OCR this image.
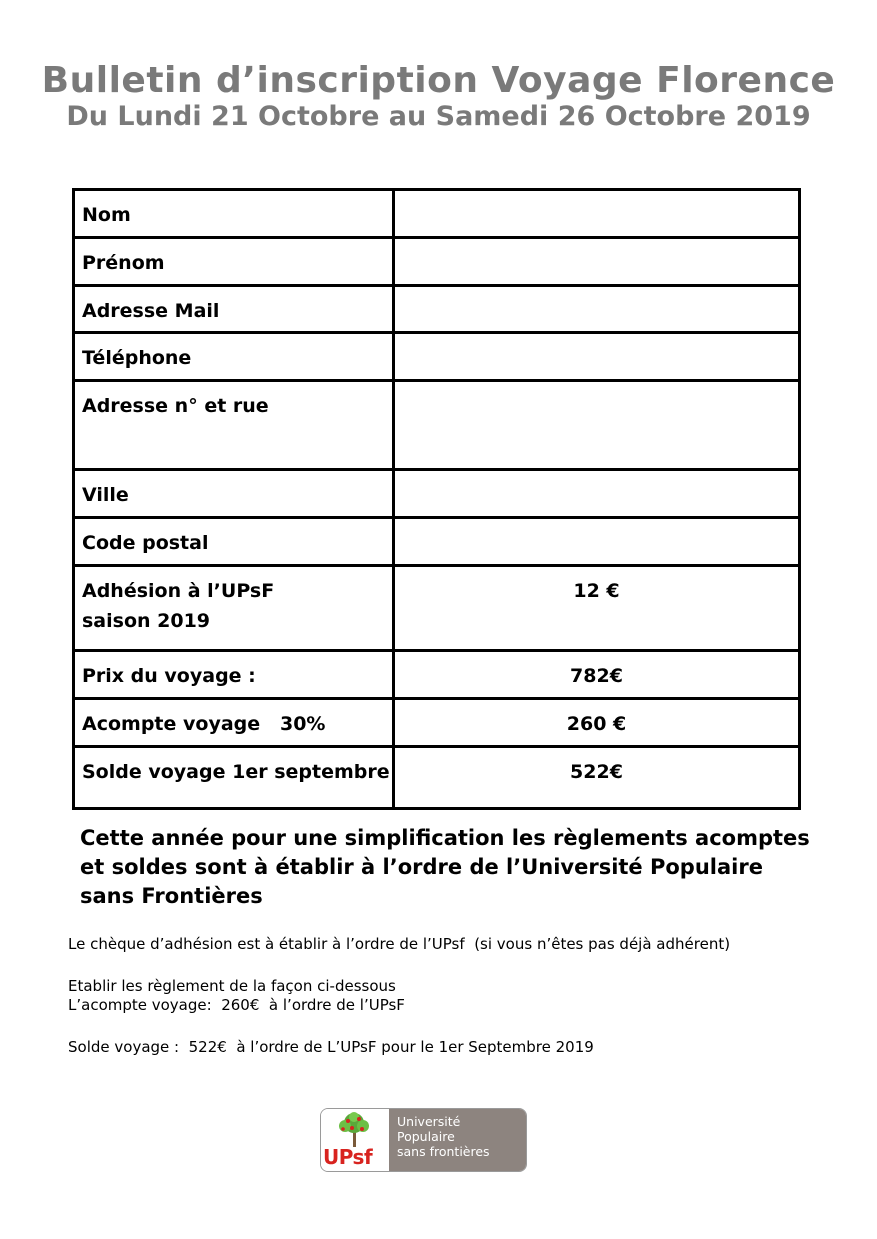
Bulletin d’inscription Voyage Florence
Du Lundi 21 Octobre au Samedi 26 Octobre 2019
Nom	
Prénom	
Adresse Mail	
Téléphone	
Adresse n° et rue	
Ville	
Code postal	

Adhésion à l’UPsF
saison 2019	12 €
Prix du voyage :	782€
Acompte voyage   30%	260 €
Solde voyage 1er septembre	522€

Cette année pour une simplification les règlements acomptes et soldes sont à établir à l’ordre de l’Université Populaire sans Frontières

Le chèque d’adhésion est à établir à l’ordre de l’UPsf  (si vous n’êtes pas déjà adhérent)

Etablir les règlement de la façon ci-dessous

L’acompte voyage:  260€  à l’ordre de l’UPsF

Solde voyage :  522€  à l’ordre de L’UPsF pour le 1er Septembre 2019

UPsf
Université
Populaire
sans frontières
